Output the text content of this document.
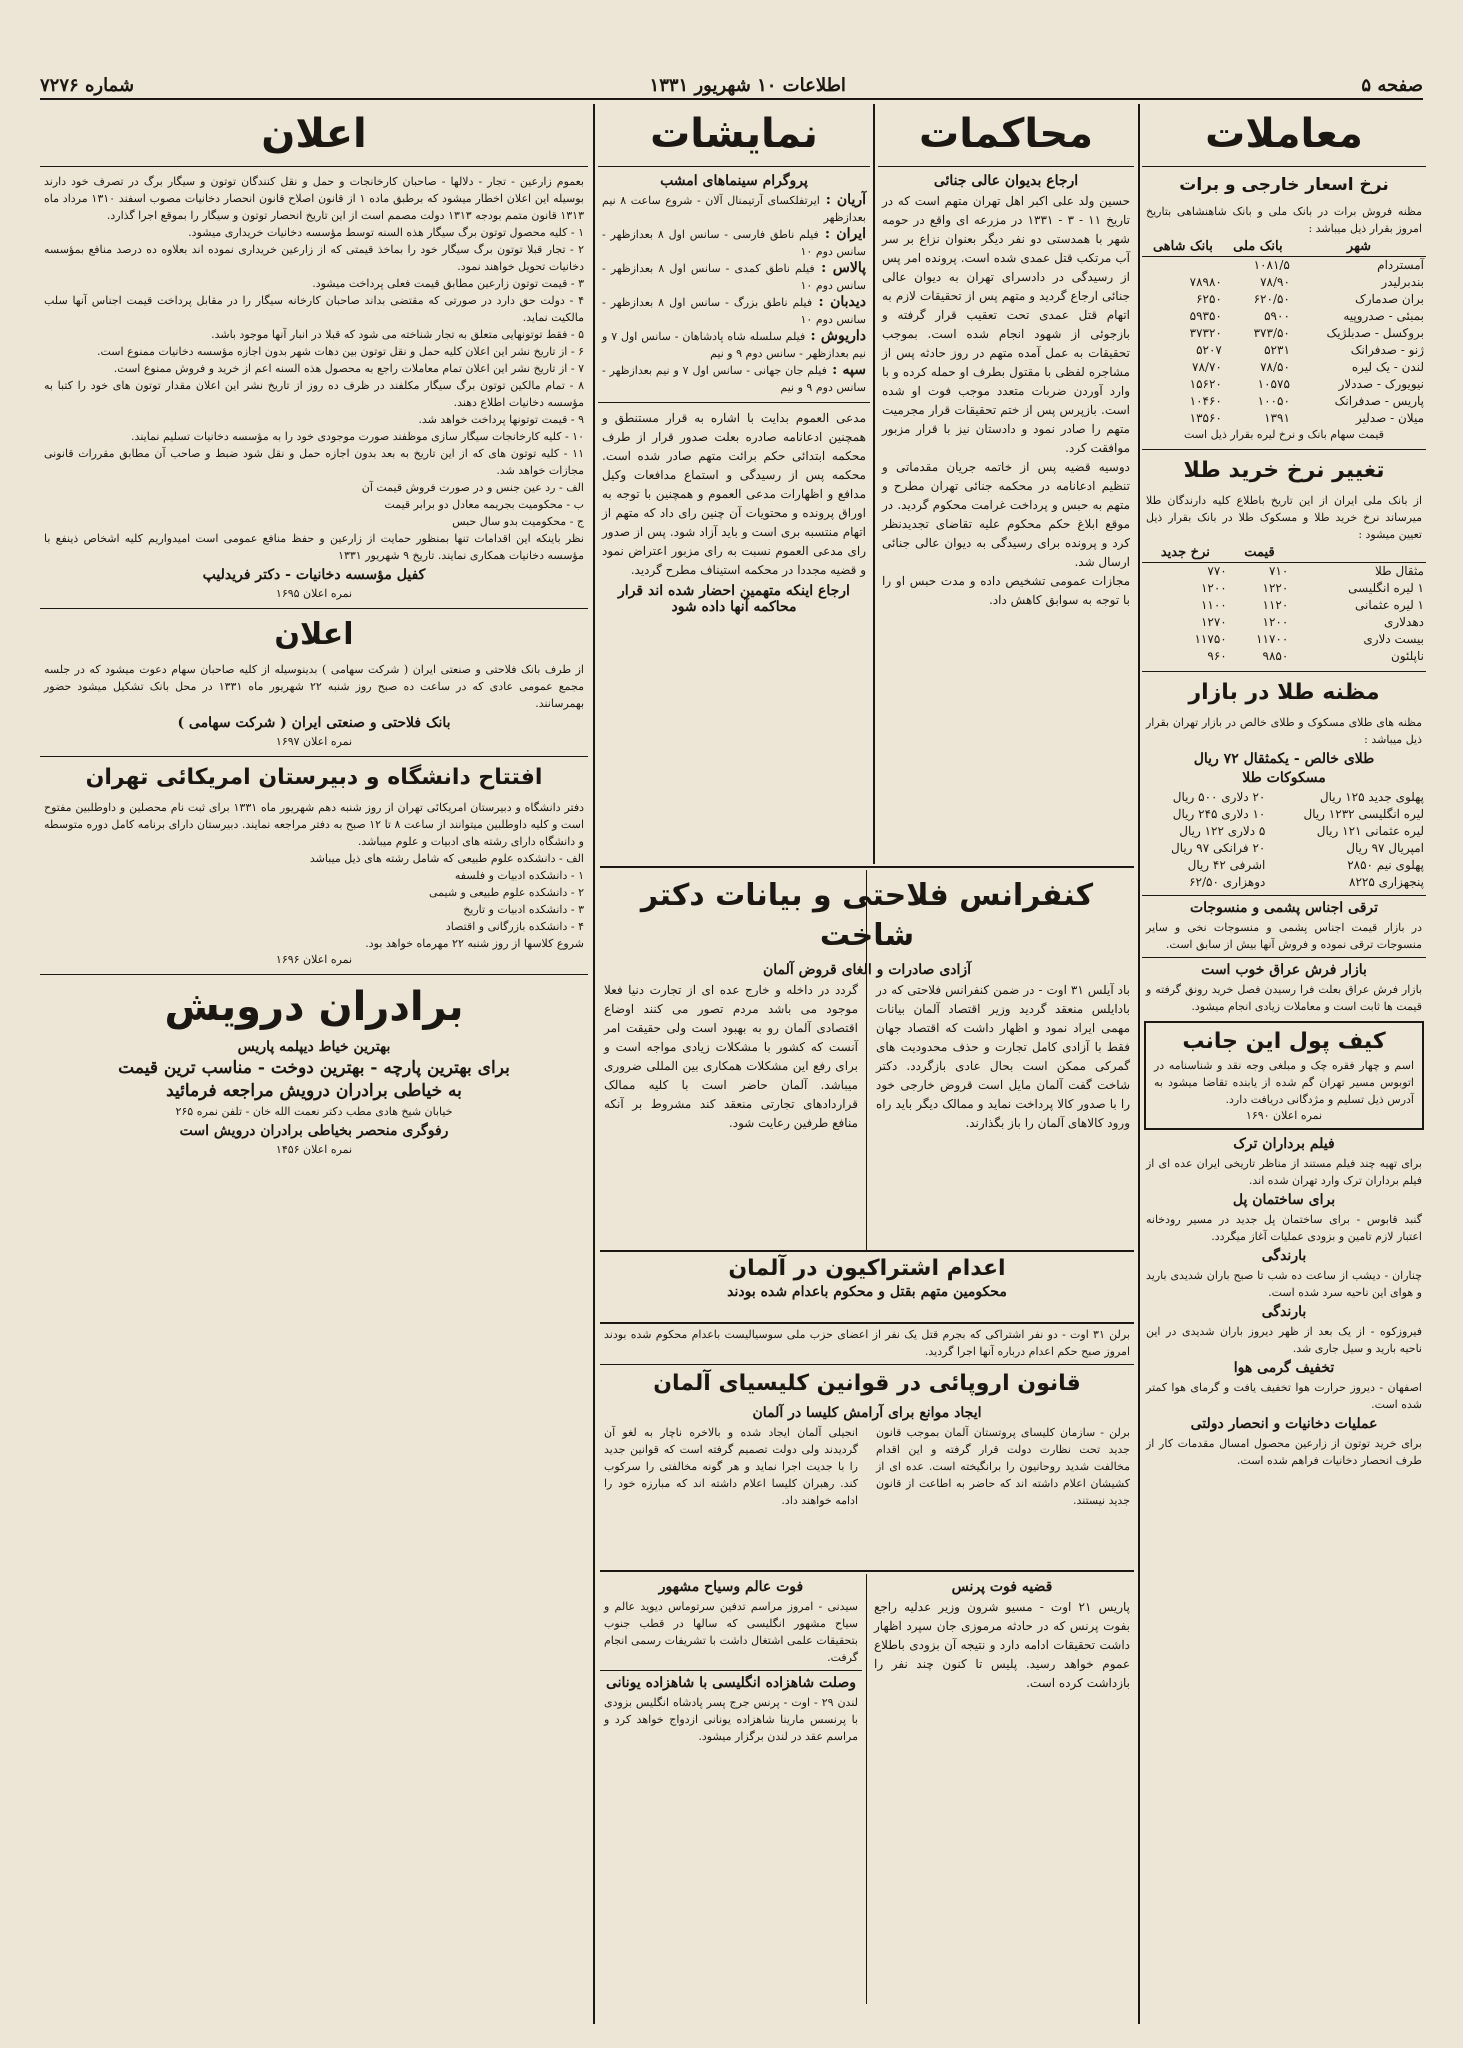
صفحه ۵
اطلاعات ۱۰ شهریور ۱۳۳۱
شماره ۷۲۷۶
معاملات
نرخ اسعار خارجی و برات
مظنه فروش برات در بانک ملی و بانک شاهنشاهی بتاریخ امروز بقرار ذیل میباشد :
شهر	بانک ملی	بانک شاهی
آمستردام	۱۰۸۱/۵	
بندبرلیدر	۷۸/۹۰	۷۸۹۸۰
بران صدمارک	۶۲۰/۵۰	۶۲۵۰
بمبئی - صدروپیه	۵۹۰۰	۵۹۳۵۰
بروکسل - صدبلژیک	۳۷۳/۵۰	۳۷۳۲۰
ژنو - صدفرانک	۵۲۳۱	۵۲۰۷
لندن - یک لیره	۷۸/۵۰	۷۸/۷۰
نیویورک - صددلار	۱۰۵۷۵	۱۵۶۲۰
پاریس - صدفرانک	۱۰۰۵۰	۱۰۴۶۰
میلان - صدلیر	۱۳۹۱	۱۳۵۶۰
قیمت سهام بانک و نرخ لیره بقرار ذیل است
تغییر نرخ خرید طلا
از بانک ملی ایران از این تاریخ باطلاع کلیه دارندگان طلا میرساند نرخ خرید طلا و مسکوک طلا در بانک بقرار ذیل تعیین میشود :
	قیمت	نرخ جدید
مثقال طلا	۷۱۰	۷۷۰
۱ لیره انگلیسی	۱۲۲۰	۱۲۰۰
۱ لیره عثمانی	۱۱۲۰	۱۱۰۰
دهدلاری	۱۲۰۰	۱۲۷۰
بیست دلاری	۱۱۷۰۰	۱۱۷۵۰
ناپلئون	۹۸۵۰	۹۶۰
مظنه طلا در بازار
مظنه های طلای مسکوک و طلای خالص در بازار تهران بقرار ذیل میباشد :
طلای خالص - یکمثقال ۷۲ ریال
مسکوکات طلا
پهلوی جدید ۱۲۵ ریال	۲۰ دلاری ۵۰۰ ریال
لیره انگلیسی ۱۲۳۲ ریال	۱۰ دلاری ۲۴۵ ریال
لیره عثمانی ۱۲۱ ریال	۵ دلاری ۱۲۲ ریال
امپریال ۹۷ ریال	۲۰ فرانکی ۹۷ ریال
پهلوی نیم ۲۸۵۰	اشرفی ۴۲ ریال
پنجهزاری ۸۲۲۵	دوهزاری ۶۲/۵۰
ترقی اجناس پشمی و منسوجات
در بازار قیمت اجناس پشمی و منسوجات نخی و سایر منسوجات ترقی نموده و فروش آنها بیش از سابق است.
بازار فرش عراق خوب است
بازار فرش عراق بعلت فرا رسیدن فصل خرید رونق گرفته و قیمت ها ثابت است و معاملات زیادی انجام میشود.
کیف پول این جانب
اسم و چهار فقره چک و مبلغی وجه نقد و شناسنامه در اتوبوس مسیر تهران گم شده از یابنده تقاضا میشود به آدرس ذیل تسلیم و مژدگانی دریافت دارد.
نمره اعلان ۱۶۹۰
فیلم برداران ترک
برای تهیه چند فیلم مستند از مناظر تاریخی ایران عده ای از فیلم برداران ترک وارد تهران شده اند.
برای ساختمان پل
گنبد قابوس - برای ساختمان پل جدید در مسیر رودخانه اعتبار لازم تامین و بزودی عملیات آغاز میگردد.
بارندگی
چناران - دیشب از ساعت ده شب تا صبح باران شدیدی بارید و هوای این ناحیه سرد شده است.
بارندگی
فیروزکوه - از یک بعد از ظهر دیروز باران شدیدی در این ناحیه بارید و سیل جاری شد.
تخفیف گرمی هوا
اصفهان - دیروز حرارت هوا تخفیف یافت و گرمای هوا کمتر شده است.
عملیات دخانیات و انحصار دولتی
برای خرید توتون از زارعین محصول امسال مقدمات کار از طرف انحصار دخانیات فراهم شده است.
محاکمات
ارجاع بدیوان عالی جنائی
حسین ولد علی اکبر اهل تهران متهم است که در تاریخ ۱۱ - ۳ - ۱۳۳۱ در مزرعه ای واقع در حومه شهر با همدستی دو نفر دیگر بعنوان نزاع بر سر آب مرتکب قتل عمدی شده است. پرونده امر پس از رسیدگی در دادسرای تهران به دیوان عالی جنائی ارجاع گردید و متهم پس از تحقیقات لازم به اتهام قتل عمدی تحت تعقیب قرار گرفته و بازجوئی از شهود انجام شده است. بموجب تحقیقات به عمل آمده متهم در روز حادثه پس از مشاجره لفظی با مقتول بطرف او حمله کرده و با وارد آوردن ضربات متعدد موجب فوت او شده است. بازپرس پس از ختم تحقیقات قرار مجرمیت متهم را صادر نمود و دادستان نیز با قرار مزبور موافقت کرد.
دوسیه قضیه پس از خاتمه جریان مقدماتی و تنظیم ادعانامه در محکمه جنائی تهران مطرح و متهم به حبس و پرداخت غرامت محکوم گردید. در موقع ابلاغ حکم محکوم علیه تقاضای تجدیدنظر کرد و پرونده برای رسیدگی به دیوان عالی جنائی ارسال شد.
مجازات عمومی تشخیص داده و مدت حبس او را با توجه به سوابق کاهش داد.
نمایشات
پروگرام سینماهای امشب
آریان : ایرتفلکسای آرتیمنال آلان - شروع ساعت ۸ نیم بعدازظهر
ایران : فیلم ناطق فارسی - سانس اول ۸ بعدازظهر - سانس دوم ۱۰
پالاس : فیلم ناطق کمدی - سانس اول ۸ بعدازظهر - سانس دوم ۱۰
دیدبان : فیلم ناطق بزرگ - سانس اول ۸ بعدازظهر - سانس دوم ۱۰
داریوش : فیلم سلسله شاه پادشاهان - سانس اول ۷ و نیم بعدازظهر - سانس دوم ۹ و نیم
سپه : فیلم جان جهانی - سانس اول ۷ و نیم بعدازظهر - سانس دوم ۹ و نیم
مدعی العموم بدایت با اشاره به قرار مستنطق و همچنین ادعانامه صادره بعلت صدور قرار از طرف محکمه ابتدائی حکم برائت متهم صادر شده است. محکمه پس از رسیدگی و استماع مدافعات وکیل مدافع و اظهارات مدعی العموم و همچنین با توجه به اوراق پرونده و محتویات آن چنین رای داد که متهم از اتهام منتسبه بری است و باید آزاد شود. پس از صدور رای مدعی العموم نسبت به رای مزبور اعتراض نمود و قضیه مجددا در محکمه استیناف مطرح گردید.
ارجاع اینکه متهمین احضار شده اند قرار محاکمه آنها داده شود
کنفرانس فلاحتی و بیانات دکتر شاخت
آزادی صادرات و الغای قروض آلمان
باد آیلس ۳۱ اوت - در ضمن کنفرانس فلاحتی که در بادایلس منعقد گردید وزیر اقتصاد آلمان بیانات مهمی ایراد نمود و اظهار داشت که اقتصاد جهان فقط با آزادی کامل تجارت و حذف محدودیت های گمرکی ممکن است بحال عادی بازگردد. دکتر شاخت گفت آلمان مایل است قروض خارجی خود را با صدور کالا پرداخت نماید و ممالک دیگر باید راه ورود کالاهای آلمان را باز بگذارند.
گردد در داخله و خارج عده ای از تجارت دنیا فعلا موجود می باشد مردم تصور می کنند اوضاع اقتصادی آلمان رو به بهبود است ولی حقیقت امر آنست که کشور با مشکلات زیادی مواجه است و برای رفع این مشکلات همکاری بین المللی ضروری میباشد. آلمان حاضر است با کلیه ممالک قراردادهای تجارتی منعقد کند مشروط بر آنکه منافع طرفین رعایت شود.
اعدام اشتراکیون در آلمان
محکومین متهم بقتل و محکوم باعدام شده بودند
برلن ۳۱ اوت - دو نفر اشتراکی که بجرم قتل یک نفر از اعضای حزب ملی سوسیالیست باعدام محکوم شده بودند امروز صبح حکم اعدام درباره آنها اجرا گردید.
قانون اروپائی در قوانین کلیسیای آلمان
ایجاد موانع برای آرامش کلیسا در آلمان
برلن - سازمان کلیسای پروتستان آلمان بموجب قانون جدید تحت نظارت دولت قرار گرفته و این اقدام مخالفت شدید روحانیون را برانگیخته است. عده ای از کشیشان اعلام داشته اند که حاضر به اطاعت از قانون جدید نیستند.
انجیلی آلمان ایجاد شده و بالاخره ناچار به لغو آن گردیدند ولی دولت تصمیم گرفته است که قوانین جدید را با جدیت اجرا نماید و هر گونه مخالفتی را سرکوب کند. رهبران کلیسا اعلام داشته اند که مبارزه خود را ادامه خواهند داد.
قضیه فوت پرنس
پاریس ۲۱ اوت - مسیو شرون وزیر عدلیه راجع بفوت پرنس که در حادثه مرموزی جان سپرد اظهار داشت تحقیقات ادامه دارد و نتیجه آن بزودی باطلاع عموم خواهد رسید. پلیس تا کنون چند نفر را بازداشت کرده است.
فوت عالم وسیاح مشهور
سیدنی - امروز مراسم تدفین سرتوماس دیوید عالم و سیاح مشهور انگلیسی که سالها در قطب جنوب بتحقیقات علمی اشتغال داشت با تشریفات رسمی انجام گرفت.
وصلت شاهزاده انگلیسی با شاهزاده یونانی
لندن ۲۹ - اوت - پرنس جرج پسر پادشاه انگلیس بزودی با پرنسس مارینا شاهزاده یونانی ازدواج خواهد کرد و مراسم عقد در لندن برگزار میشود.
اعلان
بعموم زارعین - تجار - دلالها - صاحبان کارخانجات و حمل و نقل کنندگان توتون و سیگار برگ در تصرف خود دارند بوسیله این اعلان اخطار میشود که برطبق ماده ۱ از قانون اصلاح قانون انحصار دخانیات مصوب اسفند ۱۳۱۰ مرداد ماه ۱۳۱۳ قانون متمم بودجه ۱۳۱۳ دولت مصمم است از این تاریخ انحصار توتون و سیگار را بموقع اجرا گذارد.
۱ - کلیه محصول توتون برگ سیگار هذه السنه توسط مؤسسه دخانیات خریداری میشود.
۲ - تجار قبلا توتون برگ سیگار خود را بماخذ قیمتی که از زارعین خریداری نموده اند بعلاوه ده درصد منافع بمؤسسه دخانیات تحویل خواهند نمود.
۳ - قیمت توتون زارعین مطابق قیمت فعلی پرداخت میشود.
۴ - دولت حق دارد در صورتی که مقتضی بداند صاحبان کارخانه سیگار را در مقابل پرداخت قیمت اجناس آنها سلب مالکیت نماید.
۵ - فقط توتونهایی متعلق به تجار شناخته می شود که قبلا در انبار آنها موجود باشد.
۶ - از تاریخ نشر این اعلان کلیه حمل و نقل توتون بین دهات شهر بدون اجازه مؤسسه دخانیات ممنوع است.
۷ - از تاریخ نشر این اعلان تمام معاملات راجع به محصول هذه السنه اعم از خرید و فروش ممنوع است.
۸ - تمام مالکین توتون برگ سیگار مکلفند در ظرف ده روز از تاریخ نشر این اعلان مقدار توتون های خود را کتبا به مؤسسه دخانیات اطلاع دهند.
۹ - قیمت توتونها پرداخت خواهد شد.
۱۰ - کلیه کارخانجات سیگار سازی موظفند صورت موجودی خود را به مؤسسه دخانیات تسلیم نمایند.
۱۱ - کلیه توتون های که از این تاریخ به بعد بدون اجازه حمل و نقل شود ضبط و صاحب آن مطابق مقررات قانونی مجازات خواهد شد.
الف - رد عین جنس و در صورت فروش قیمت آن
ب - محکومیت بجریمه معادل دو برابر قیمت
ج - محکومیت بدو سال حبس
نظر باینکه این اقدامات تنها بمنظور حمایت از زارعین و حفظ منافع عمومی است امیدواریم کلیه اشخاص ذینفع با مؤسسه دخانیات همکاری نمایند. تاریخ ۹ شهریور ۱۳۳۱
کفیل مؤسسه دخانیات - دکتر فریدلیپ
نمره اعلان ۱۶۹۵
اعلان
از طرف بانک فلاحتی و صنعتی ایران ( شرکت سهامی ) بدینوسیله از کلیه صاحبان سهام دعوت میشود که در جلسه مجمع عمومی عادی که در ساعت ده صبح روز شنبه ۲۲ شهریور ماه ۱۳۳۱ در محل بانک تشکیل میشود حضور بهمرسانند.
بانک فلاحتی و صنعتی ایران ( شرکت سهامی )
نمره اعلان ۱۶۹۷
افتتاح دانشگاه و دبیرستان امریکائی تهران
دفتر دانشگاه و دبیرستان امریکائی تهران از روز شنبه دهم شهریور ماه ۱۳۳۱ برای ثبت نام محصلین و داوطلبین مفتوح است و کلیه داوطلبین میتوانند از ساعت ۸ تا ۱۲ صبح به دفتر مراجعه نمایند. دبیرستان دارای برنامه کامل دوره متوسطه و دانشگاه دارای رشته های ادبیات و علوم میباشد.
الف - دانشکده علوم طبیعی که شامل رشته های ذیل میباشد
۱ - دانشکده ادبیات و فلسفه
۲ - دانشکده علوم طبیعی و شیمی
۳ - دانشکده ادبیات و تاریخ
۴ - دانشکده بازرگانی و اقتصاد
شروع کلاسها از روز شنبه ۲۲ مهرماه خواهد بود.
نمره اعلان ۱۶۹۶
برادران درویش
بهترین خیاط دیپلمه پاریس
برای بهترین پارچه - بهترین دوخت - مناسب ترین قیمت
به خیاطی برادران درویش مراجعه فرمائید
خیابان شیخ هادی مطب دکتر نعمت الله خان - تلفن نمره ۲۶۵
رفوگری منحصر بخیاطی برادران درویش است
نمره اعلان ۱۴۵۶
